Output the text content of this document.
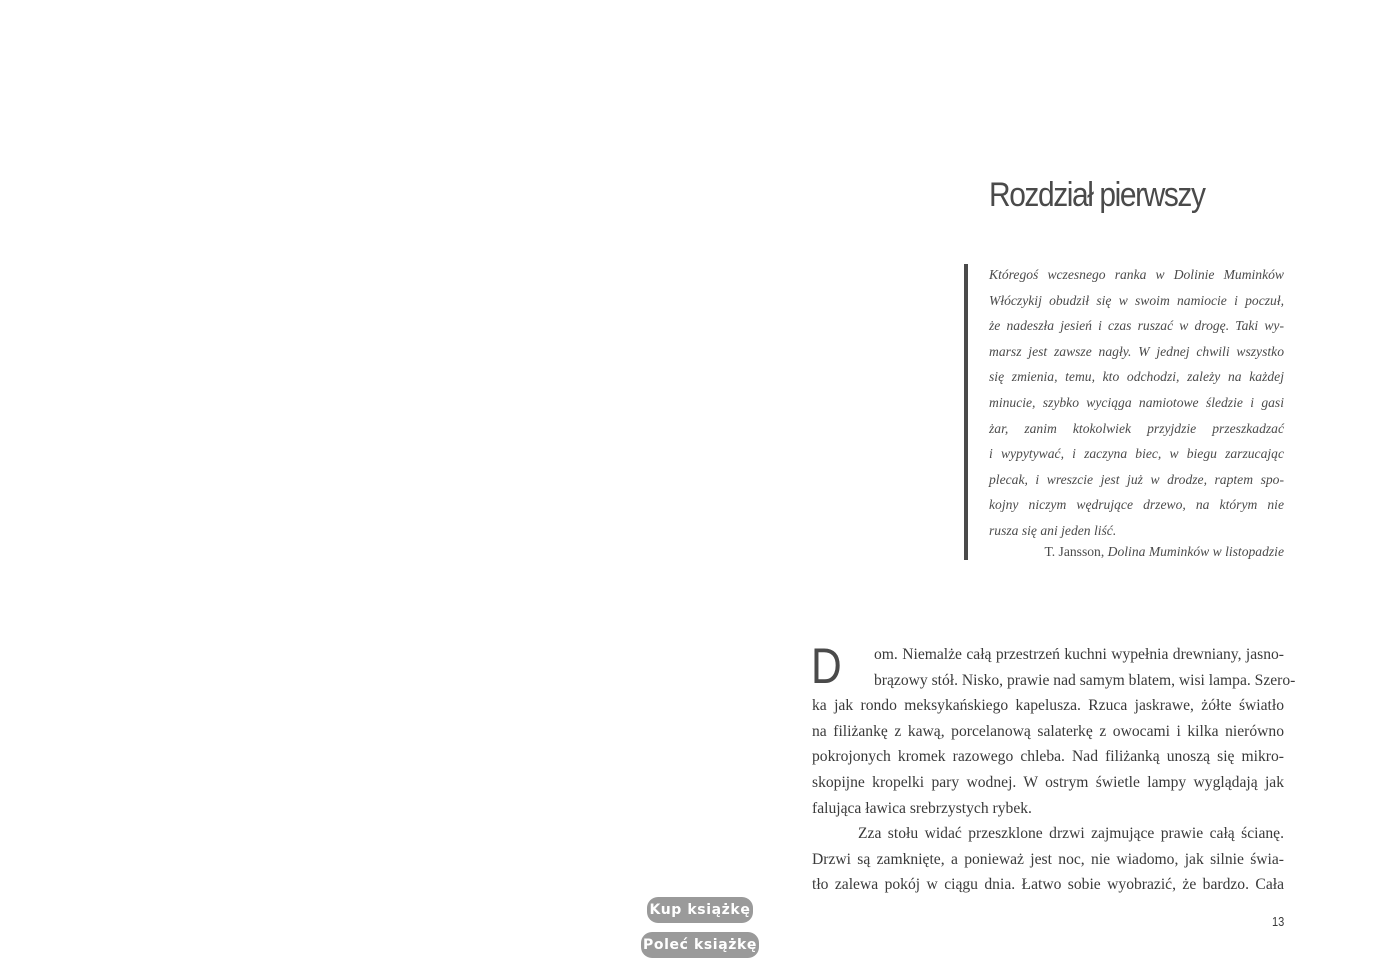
Rozdział pierwszy
Któregoś wczesnego ranka w Dolinie Muminków
Włóczykij obudził się w swoim namiocie i poczuł,
że nadeszła jesień i czas ruszać w drogę. Taki wy-
marsz jest zawsze nagły. W jednej chwili wszystko
się zmienia, temu, kto odchodzi, zależy na każdej
minucie, szybko wyciąga namiotowe śledzie i gasi
żar, zanim ktokolwiek przyjdzie przeszkadzać
i wypytywać, i zaczyna biec, w biegu zarzucając
plecak, i wreszcie jest już w drodze, raptem spo-
kojny niczym wędrujące drzewo, na którym nie
rusza się ani jeden liść.
T. Jansson, Dolina Muminków w listopadzie
D	om. Niemalże całą przestrzeń kuchni wypełnia drewniany, jasno-
brązowy stół. Nisko, prawie nad samym blatem, wisi lampa. Szero-
ka jak rondo meksykańskiego kapelusza. Rzuca jaskrawe, żółte światło
na filiżankę z kawą, porcelanową salaterkę z owocami i kilka nierówno
pokrojonych kromek razowego chleba. Nad filiżanką unoszą się mikro-
skopijne kropelki pary wodnej. W ostrym świetle lampy wyglądają jak
falująca ławica srebrzystych rybek.
Zza stołu widać przeszklone drzwi zajmujące prawie całą ścianę.
Drzwi są zamknięte, a ponieważ jest noc, nie wiadomo, jak silnie świa-
tło zalewa pokój w ciągu dnia. Łatwo sobie wyobrazić, że bardzo. Cała
13
Kup książkę
Poleć książkę
